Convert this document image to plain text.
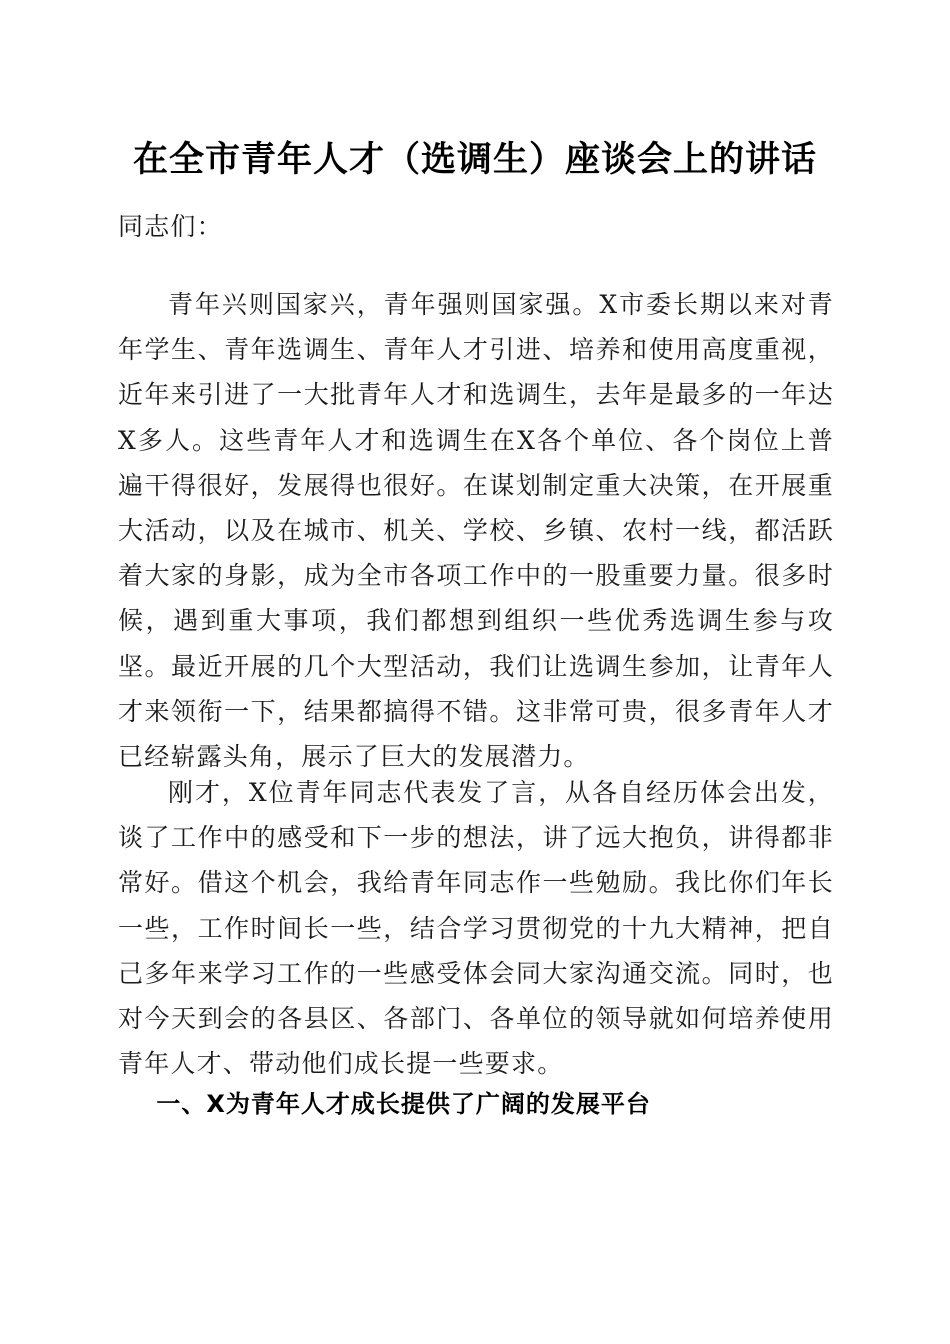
在全市青年人才（选调生）座谈会上的讲话

同志们：

青年兴则国家兴，青年强则国家强。X市委长期以来对青年学生、青年选调生、青年人才引进、培养和使用高度重视，近年来引进了一大批青年人才和选调生，去年是最多的一年达X多人。这些青年人才和选调生在X各个单位、各个岗位上普遍干得很好，发展得也很好。在谋划制定重大决策，在开展重大活动，以及在城市、机关、学校、乡镇、农村一线，都活跃着大家的身影，成为全市各项工作中的一股重要力量。很多时候，遇到重大事项，我们都想到组织一些优秀选调生参与攻坚。最近开展的几个大型活动，我们让选调生参加，让青年人才来领衔一下，结果都搞得不错。这非常可贵，很多青年人才已经崭露头角，展示了巨大的发展潜力。

刚才，X位青年同志代表发了言，从各自经历体会出发，谈了工作中的感受和下一步的想法，讲了远大抱负，讲得都非常好。借这个机会，我给青年同志作一些勉励。我比你们年长一些，工作时间长一些，结合学习贯彻党的十九大精神，把自己多年来学习工作的一些感受体会同大家沟通交流。同时，也对今天到会的各县区、各部门、各单位的领导就如何培养使用青年人才、带动他们成长提一些要求。

一、X为青年人才成长提供了广阔的发展平台
